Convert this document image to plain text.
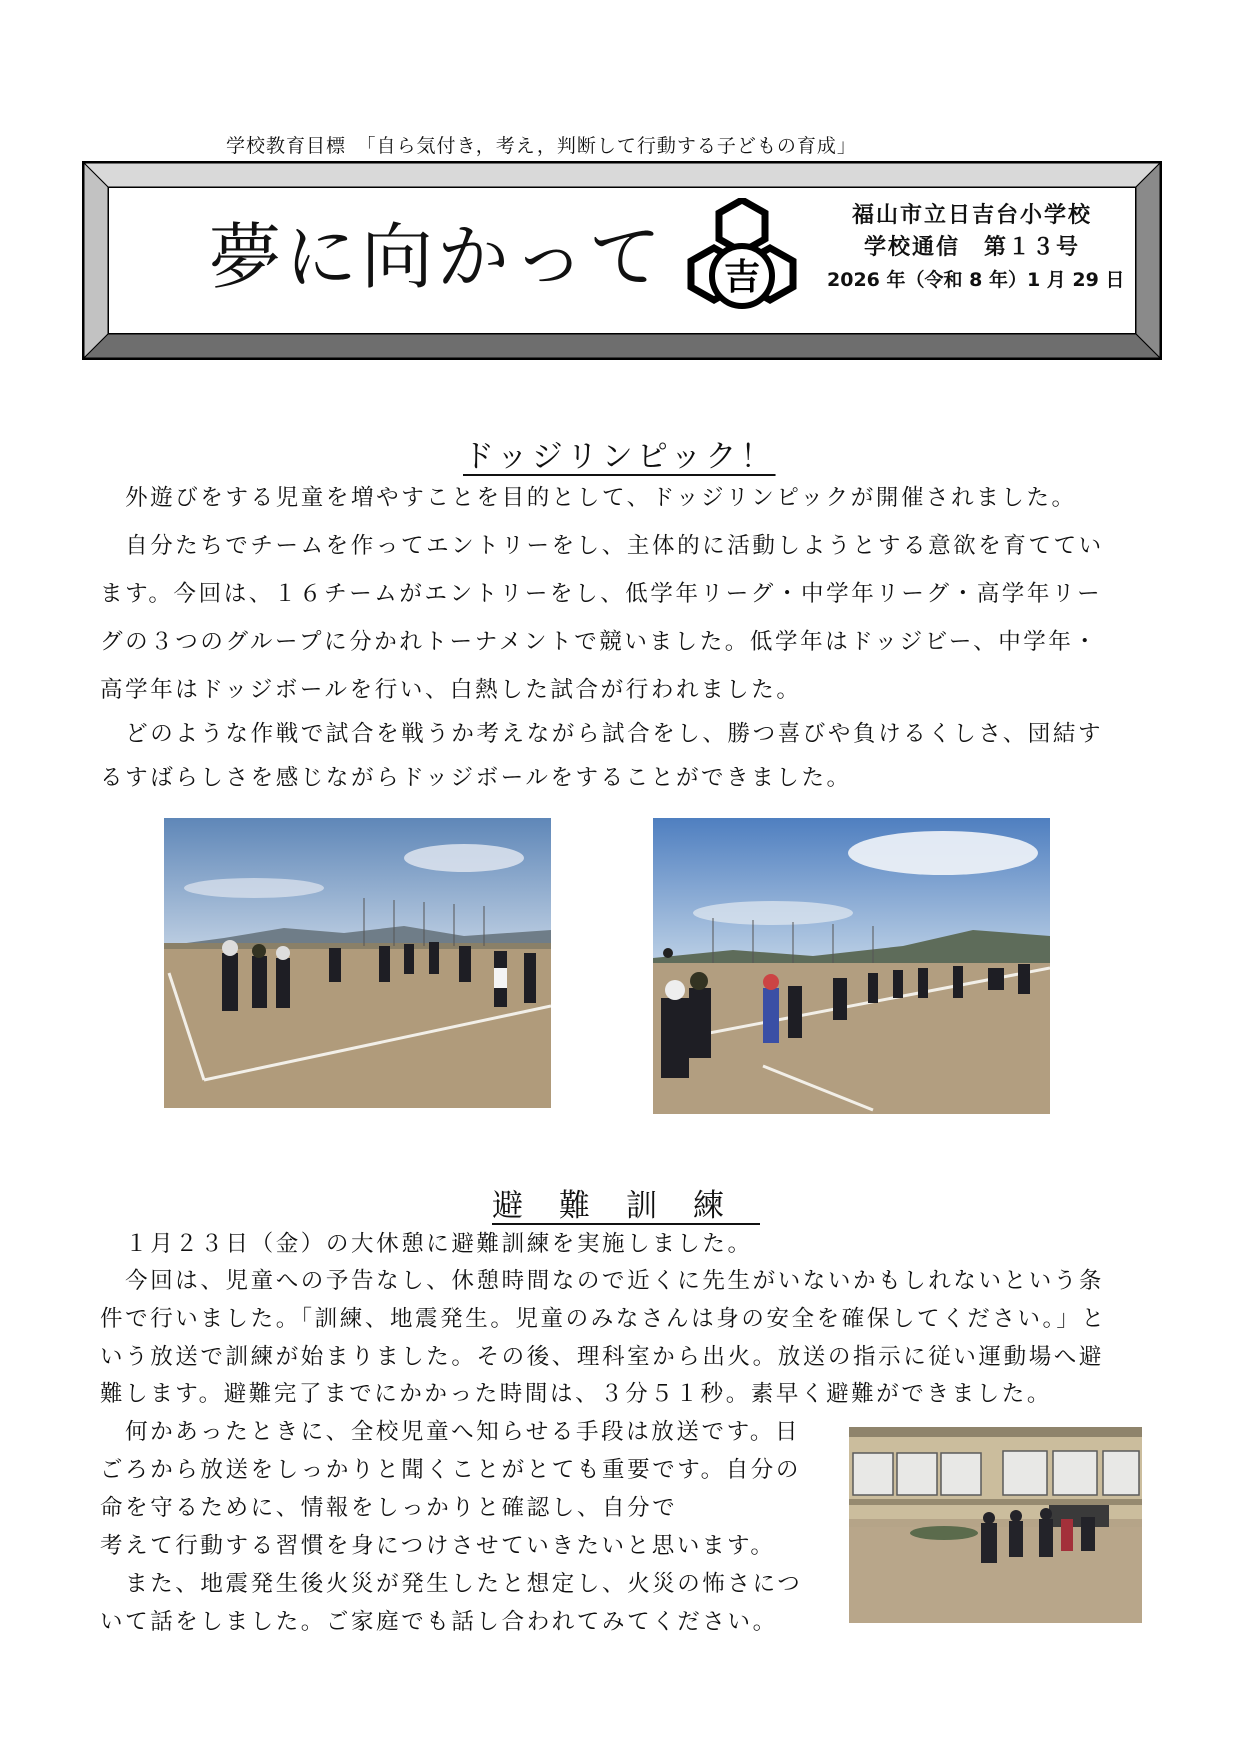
学校教育目標　「自ら気付き，考え，判断して行動する子どもの育成」
夢に向かって 吉
福山市立日吉台小学校
学校通信　第１３号
2026 年（令和 8 年）1 月 29 日
ドッジリンピック！
　外遊びをする児童を増やすことを目的として、ドッジリンピックが開催されました。
　自分たちでチームを作ってエントリーをし、主体的に活動しようとする意欲を育ててい
ます。今回は、１６チームがエントリーをし、低学年リーグ・中学年リーグ・高学年リー
グの３つのグループに分かれトーナメントで競いました。低学年はドッジビー、中学年・
高学年はドッジボールを行い、白熱した試合が行われました。
　どのような作戦で試合を戦うか考えながら試合をし、勝つ喜びや負けるくしさ、団結す
るすばらしさを感じながらドッジボールをすることができました。
避難訓練
　１月２３日（金）の大休憩に避難訓練を実施しました。
　今回は、児童への予告なし、休憩時間なので近くに先生がいないかもしれないという条
件で行いました。「訓練、地震発生。児童のみなさんは身の安全を確保してください。」と
いう放送で訓練が始まりました。その後、理科室から出火。放送の指示に従い運動場へ避
難します。避難完了までにかかった時間は、３分５１秒。素早く避難ができました。
　何かあったときに、全校児童へ知らせる手段は放送です。日
ごろから放送をしっかりと聞くことがとても重要です。自分の
命を守るために、情報をしっかりと確認し、自分で
考えて行動する習慣を身につけさせていきたいと思います。
　また、地震発生後火災が発生したと想定し、火災の怖さにつ
いて話をしました。ご家庭でも話し合われてみてください。
